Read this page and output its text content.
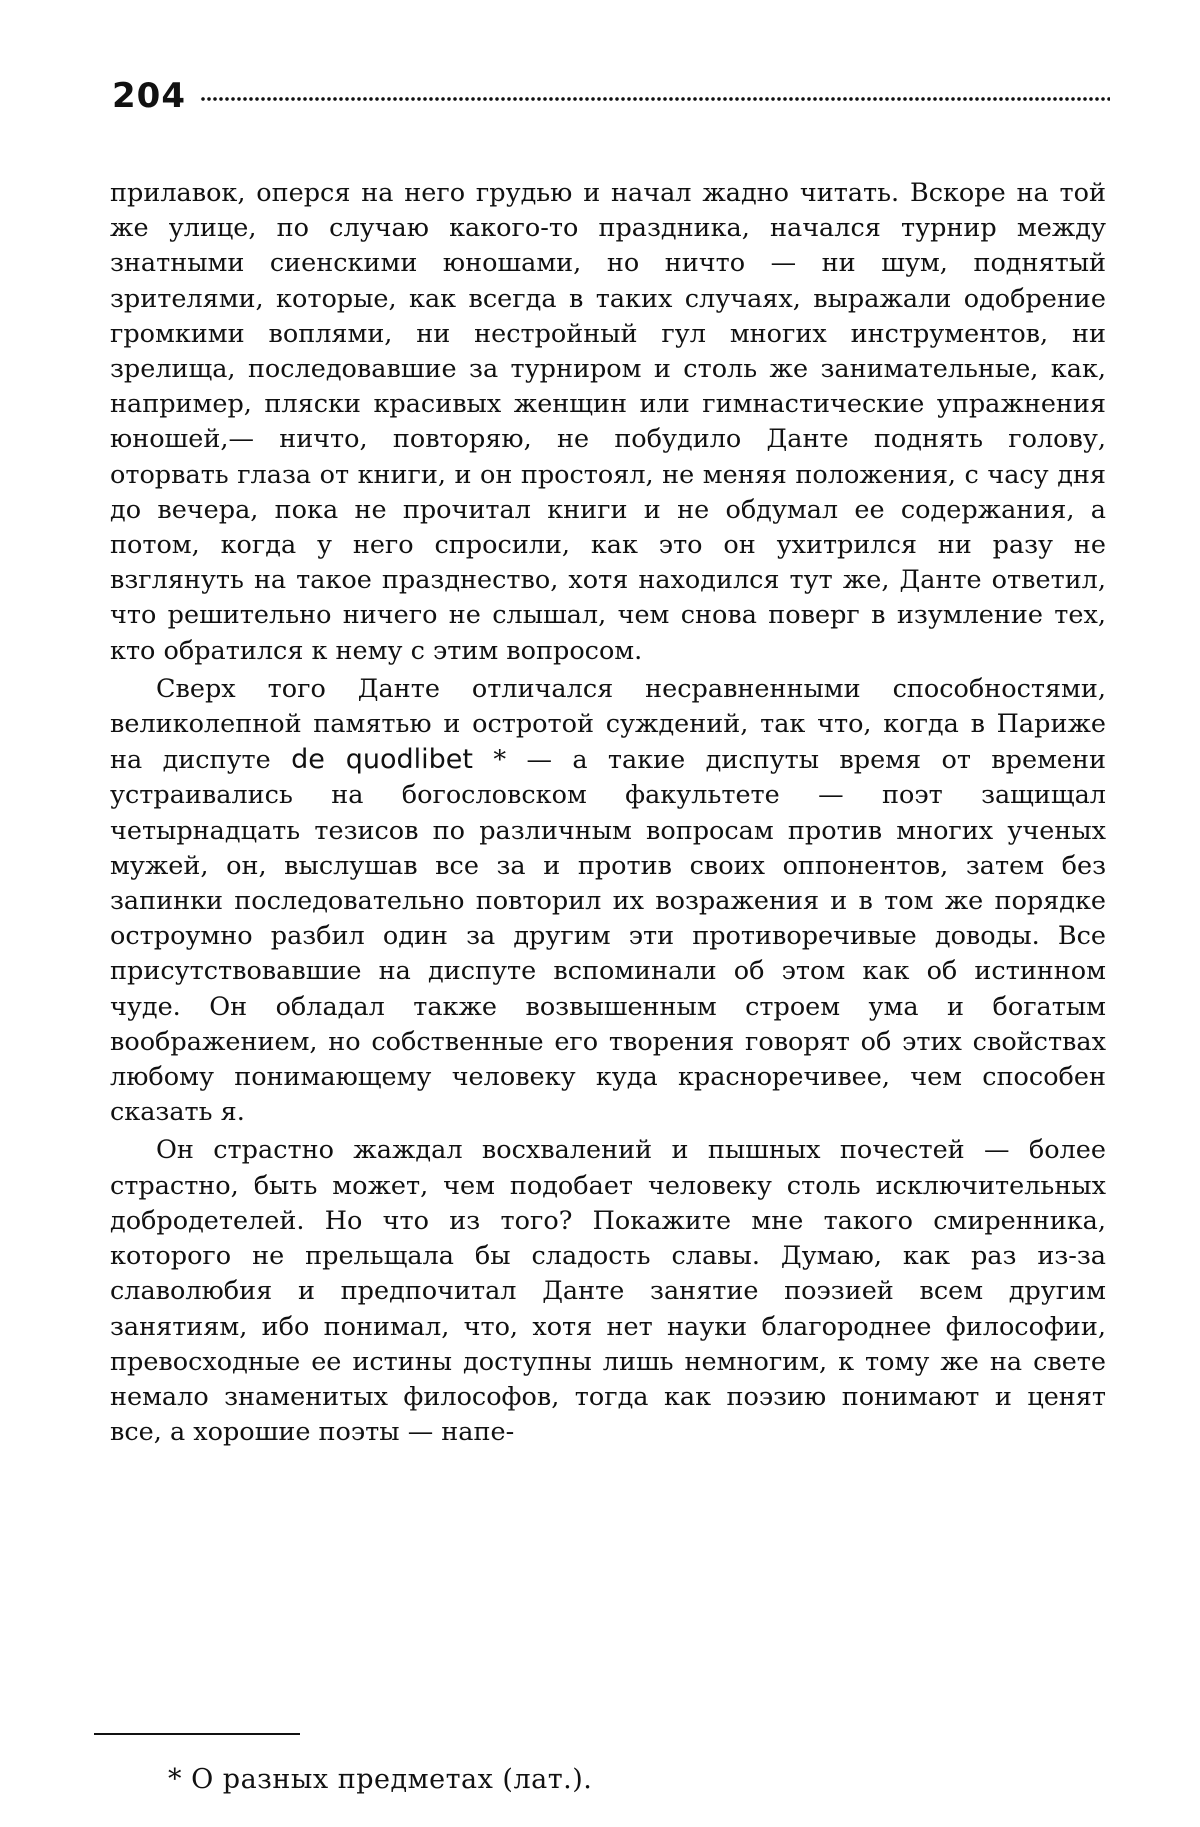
204

прилавок, оперся на него грудью и начал жадно читать. Вскоре на той же улице, по случаю какого-то праздника, начался турнир между знатными сиенскими юношами, но ничто — ни шум, поднятый зрителями, которые, как всегда в таких случаях, выражали одобрение громкими воплями, ни нестройный гул многих инструментов, ни зрелища, последовавшие за турниром и столь же занимательные, как, например, пляски красивых женщин или гимнастические упражнения юношей,— ничто, повторяю, не побудило Данте поднять голову, оторвать глаза от книги, и он простоял, не меняя положения, с часу дня до вечера, пока не прочитал книги и не обдумал ее содержания, а потом, когда у него спросили, как это он ухитрился ни разу не взглянуть на такое празднество, хотя находился тут же, Данте ответил, что решительно ничего не слышал, чем снова поверг в изумление тех, кто обратился к нему с этим вопросом.

Сверх того Данте отличался несравненными способностями, великолепной памятью и остротой суждений, так что, когда в Париже на диспуте de quodlibet * — а такие диспуты время от времени устраивались на богословском факультете — поэт защищал четырнадцать тезисов по различным вопросам против многих ученых мужей, он, выслушав все за и против своих оппонентов, затем без запинки последовательно повторил их возражения и в том же порядке остроумно разбил один за другим эти противоречивые доводы. Все присутствовавшие на диспуте вспоминали об этом как об истинном чуде. Он обладал также возвышенным строем ума и богатым воображением, но собственные его творения говорят об этих свойствах любому понимающему человеку куда красноречивее, чем способен сказать я.

Он страстно жаждал восхвалений и пышных почестей — более страстно, быть может, чем подобает человеку столь исключительных добродетелей. Но что из того? Покажите мне такого смиренника, которого не прельщала бы сладость славы. Думаю, как раз из-за славолюбия и предпочитал Данте занятие поэзией всем другим занятиям, ибо понимал, что, хотя нет науки благороднее философии, превосходные ее истины доступны лишь немногим, к тому же на свете немало знаменитых философов, тогда как поэзию понимают и ценят все, а хорошие поэты — напе-

* О разных предметах (лат.).
